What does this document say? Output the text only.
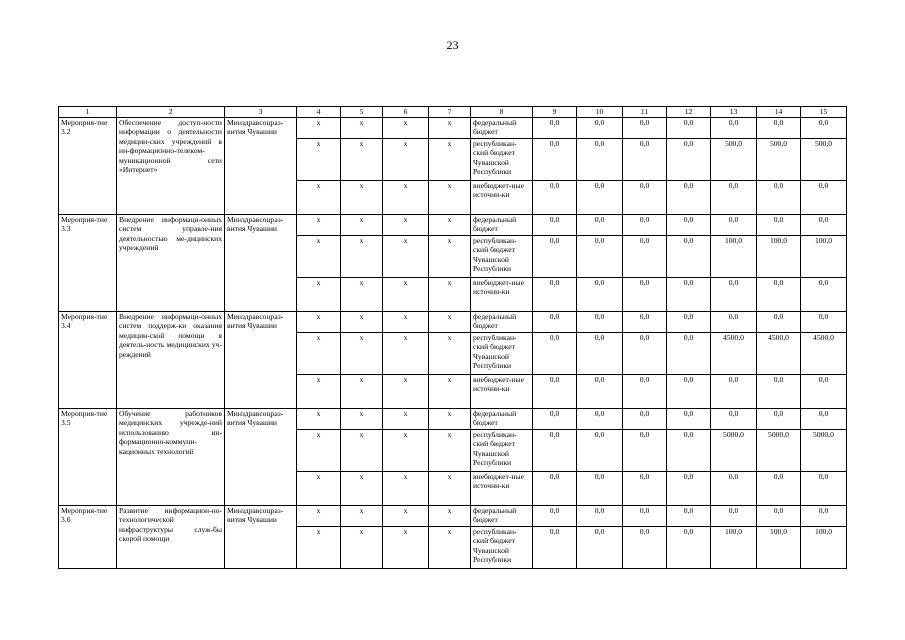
23
1	2	3	4	5	6	7	8	9	10	11	12	13	14	15
Мероприя-тие 3.2	Обеспечение доступ-ности информации о деятельности медицин-ских учреждений в ин-формационно-телеком-муникационной сети «Интернет»	Минздравсоцраз-вития Чувашии	x	x	x	x	федеральный бюджет	0,0	0,0	0,0	0,0	0,0	0,0	0,0
			x	x	x	x	республикан-ский бюджет Чувашской Республики	0,0	0,0	0,0	0,0	500,0	500,0	500,0
			x	x	x	x	внебюджет-ные источни-ки	0,0	0,0	0,0	0,0	0,0	0,0	0,0
Мероприя-тие 3.3	Внедрение информаци-онных систем управле-ния деятельностью ме-дицинских учреждений	Минздравсоцраз-вития Чувашии	x	x	x	x	федеральный бюджет	0,0	0,0	0,0	0,0	0,0	0,0	0,0
			x	x	x	x	республикан-ский бюджет Чувашской Республики	0,0	0,0	0,0	0,0	100,0	100,0	100,0
			x	x	x	x	внебюджет-ные источни-ки	0,0	0,0	0,0	0,0	0,0	0,0	0,0
Мероприя-тие 3.4	Внедрение информаци-онных систем поддерж-ки оказания медицин-ской помощи в деятель-ность медицинских уч-реждений	Минздравсоцраз-вития Чувашии	x	x	x	x	федеральный бюджет	0,0	0,0	0,0	0,0	0,0	0,0	0,0
			x	x	x	x	республикан-ский бюджет Чувашской Республики	0,0	0,0	0,0	0,0	4500,0	4500,0	4500,0
			x	x	x	x	внебюджет-ные источни-ки	0,0	0,0	0,0	0,0	0,0	0,0	0,0
Мероприя-тие 3.5	Обучение работников медицинских учрежде-ний использованию ин-формационно-коммуни-кационных технологий	Минздравсоцраз-вития Чувашии	x	x	x	x	федеральный бюджет	0,0	0,0	0,0	0,0	0,0	0,0	0,0
			x	x	x	x	республикан-ский бюджет Чувашской Республики	0,0	0,0	0,0	0,0	5000,0	5000,0	5000,0
			x	x	x	x	внебюджет-ные источни-ки	0,0	0,0	0,0	0,0	0,0	0,0	0,0
Мероприя-тие 3.6	Развитие информацион-но-технологической инфраструктуры служ-бы скорой помощи	Минздравсоцраз-вития Чувашии	x	x	x	x	федеральный бюджет	0,0	0,0	0,0	0,0	0,0	0,0	0,0
			x	x	x	x	республикан-ский бюджет Чувашской Республики	0,0	0,0	0,0	0,0	100,0	100,0	100,0
